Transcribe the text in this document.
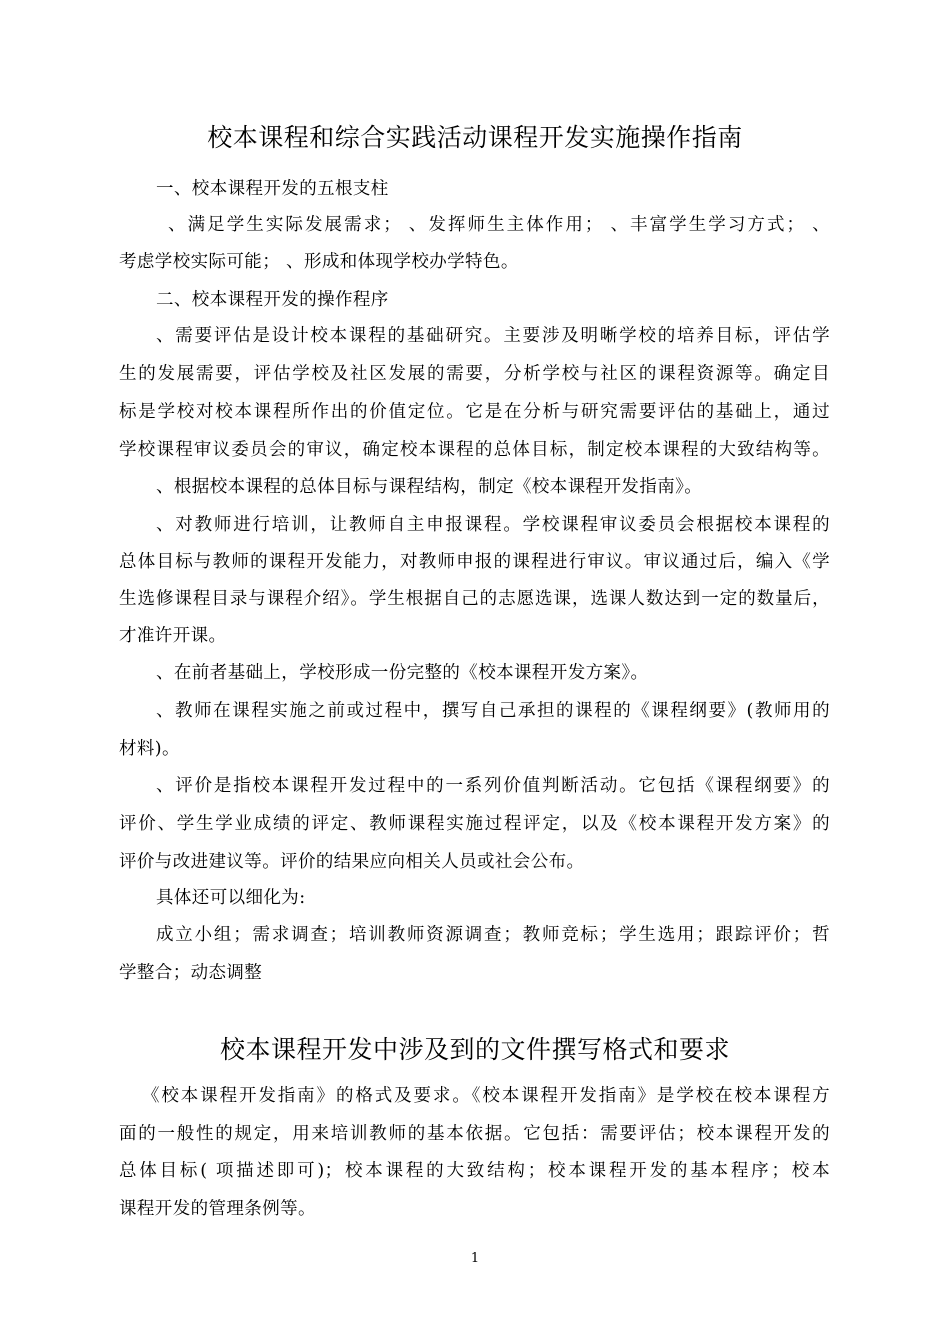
校本课程和综合实践活动课程开发实施操作指南
一、校本课程开发的五根支柱
、满足学生实际发展需求； 、发挥师生主体作用； 、丰富学生学习方式； 、
考虑学校实际可能； 、形成和体现学校办学特色。
二、校本课程开发的操作程序
、需要评估是设计校本课程的基础研究。主要涉及明晰学校的培养目标，评估学
生的发展需要，评估学校及社区发展的需要，分析学校与社区的课程资源等。确定目
标是学校对校本课程所作出的价值定位。它是在分析与研究需要评估的基础上，通过
学校课程审议委员会的审议，确定校本课程的总体目标，制定校本课程的大致结构等。
、根据校本课程的总体目标与课程结构，制定《校本课程开发指南》。
、对教师进行培训，让教师自主申报课程。学校课程审议委员会根据校本课程的
总体目标与教师的课程开发能力，对教师申报的课程进行审议。审议通过后，编入《学
生选修课程目录与课程介绍》。学生根据自己的志愿选课，选课人数达到一定的数量后，
才准许开课。
、在前者基础上，学校形成一份完整的《校本课程开发方案》。
、教师在课程实施之前或过程中，撰写自己承担的课程的《课程纲要》(教师用的
材料)。
、评价是指校本课程开发过程中的一系列价值判断活动。它包括《课程纲要》的
评价、学生学业成绩的评定、教师课程实施过程评定，以及《校本课程开发方案》的
评价与改进建议等。评价的结果应向相关人员或社会公布。
具体还可以细化为:
成立小组；需求调查；培训教师资源调查；教师竞标；学生选用；跟踪评价；哲
学整合；动态调整
校本课程开发中涉及到的文件撰写格式和要求
《校本课程开发指南》的格式及要求。《校本课程开发指南》是学校在校本课程方
面的一般性的规定，用来培训教师的基本依据。它包括：需要评估；校本课程开发的
总体目标( 项描述即可)；校本课程的大致结构；校本课程开发的基本程序；校本
课程开发的管理条例等。
1
